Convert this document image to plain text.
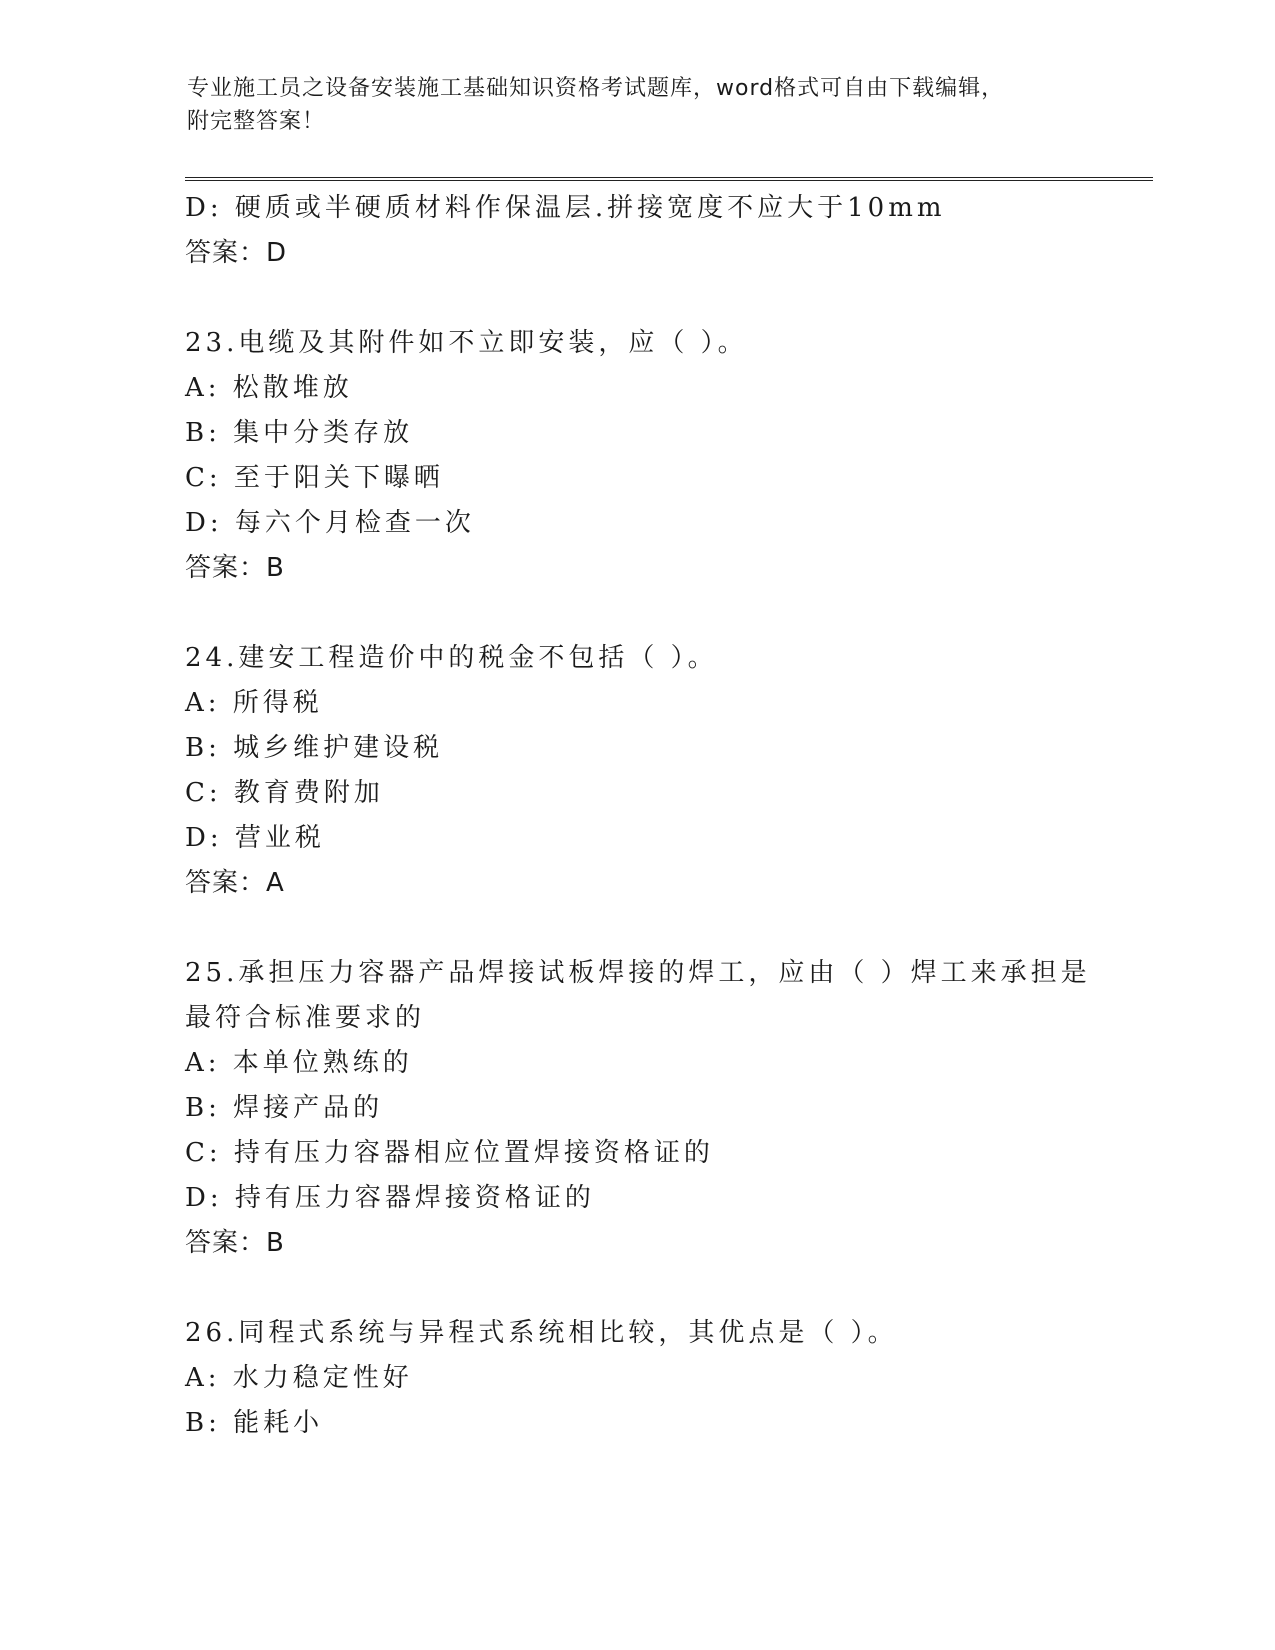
专业施工员之设备安装施工基础知识资格考试题库，word格式可自由下载编辑，
附完整答案！
D: 硬质或半硬质材料作保温层.拼接宽度不应大于10mm
答案：D
23.电缆及其附件如不立即安装，应（ ）。
A: 松散堆放
B: 集中分类存放
C: 至于阳关下曝晒
D: 每六个月检查一次
答案：B
24.建安工程造价中的税金不包括（ ）。
A: 所得税
B: 城乡维护建设税
C: 教育费附加
D: 营业税
答案：A
25.承担压力容器产品焊接试板焊接的焊工，应由（ ）焊工来承担是
最符合标准要求的
A: 本单位熟练的
B: 焊接产品的
C: 持有压力容器相应位置焊接资格证的
D: 持有压力容器焊接资格证的
答案：B
26.同程式系统与异程式系统相比较，其优点是（ ）。
A: 水力稳定性好
B: 能耗小
